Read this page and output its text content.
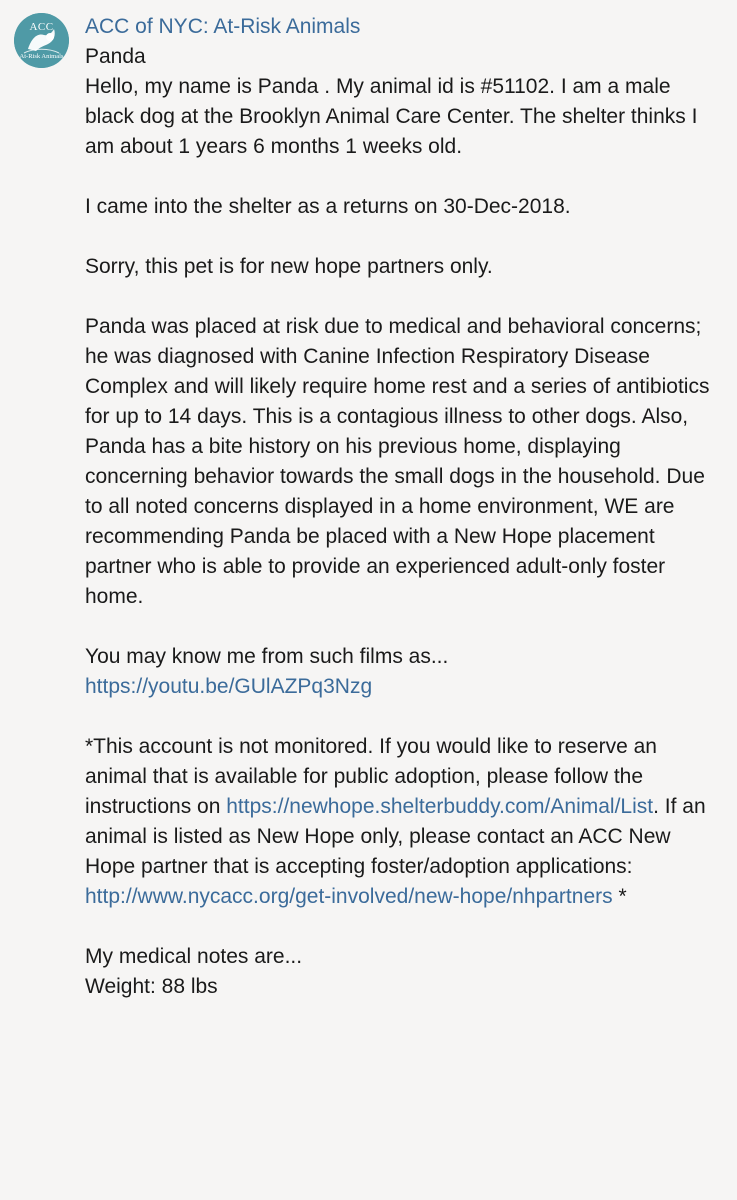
ACC
At-Risk Animals
ACC of NYC: At-Risk Animals

Panda

Hello, my name is Panda . My animal id is #51102. I am a male black dog at the Brooklyn Animal Care Center. The shelter thinks I am about 1 years 6 months 1 weeks old.

I came into the shelter as a returns on 30-Dec-2018.

Sorry, this pet is for new hope partners only.

Panda was placed at risk due to medical and behavioral concerns; he was diagnosed with Canine Infection Respiratory Disease Complex and will likely require home rest and a series of antibiotics for up to 14 days. This is a contagious illness to other dogs. Also, Panda has a bite history on his previous home, displaying concerning behavior towards the small dogs in the household. Due to all noted concerns displayed in a home environment, WE are recommending Panda be placed with a New Hope placement partner who is able to provide an experienced adult-only foster home.

You may know me from such films as...

https://youtu.be/GUlAZPq3Nzg

*This account is not monitored. If you would like to reserve an animal that is available for public adoption, please follow the instructions on https://newhope.shelterbuddy.com/Animal/List. If an animal is listed as New Hope only, please contact an ACC New Hope partner that is accepting foster/adoption applications: http://www.nycacc.org/get-involved/new-hope/nhpartners *

My medical notes are...

Weight: 88 lbs
